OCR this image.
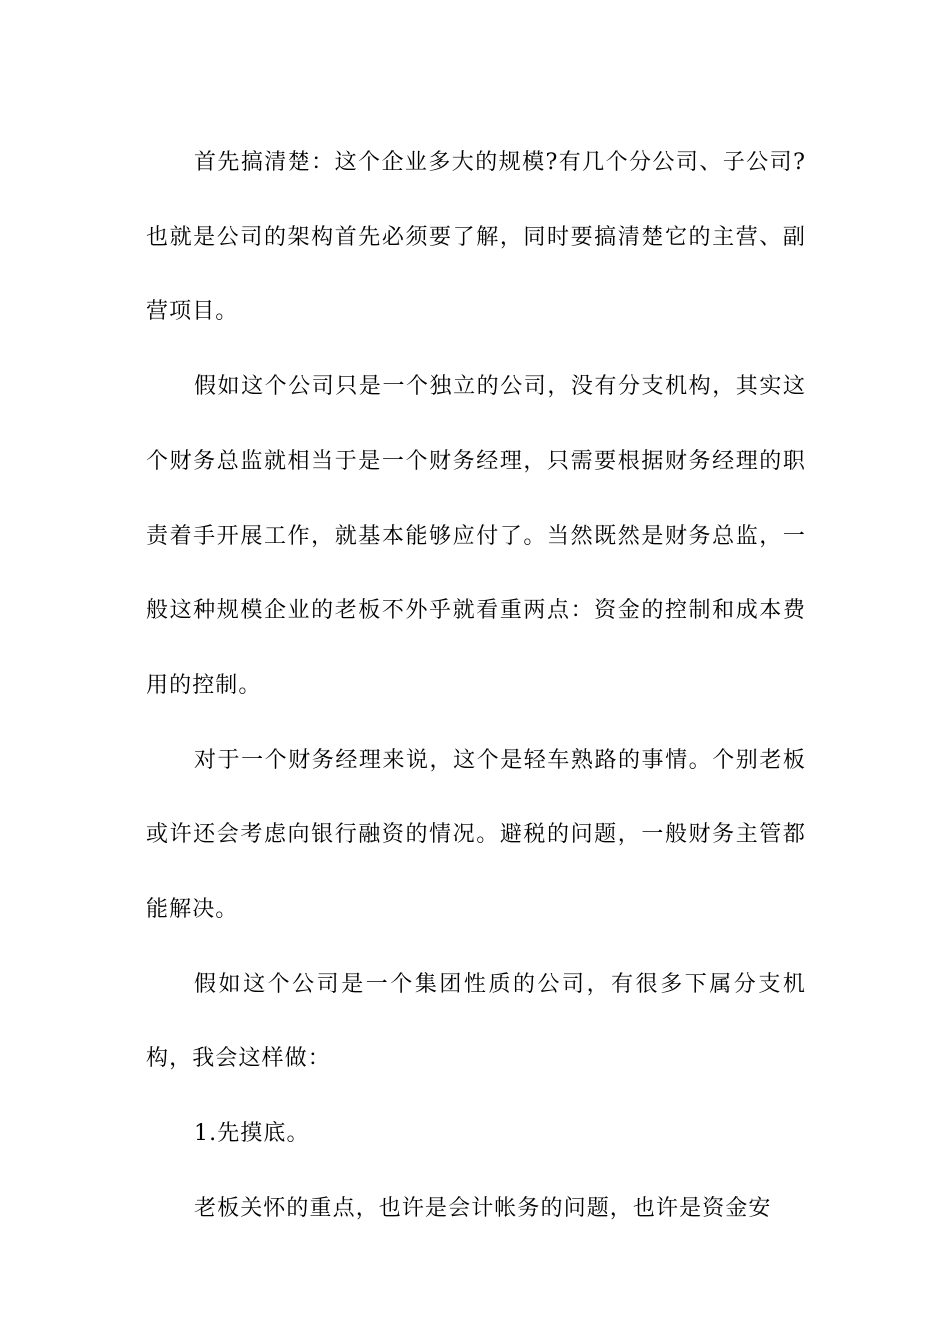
首先搞清楚：这个企业多大的规模?有几个分公司、子公司?也就是公司的架构首先必须要了解，同时要搞清楚它的主营、副营项目。

假如这个公司只是一个独立的公司，没有分支机构，其实这个财务总监就相当于是一个财务经理，只需要根据财务经理的职责着手开展工作，就基本能够应付了。当然既然是财务总监，一般这种规模企业的老板不外乎就看重两点：资金的控制和成本费用的控制。

对于一个财务经理来说，这个是轻车熟路的事情。个别老板或许还会考虑向银行融资的情况。避税的问题，一般财务主管都能解决。

假如这个公司是一个集团性质的公司，有很多下属分支机构，我会这样做：

1.先摸底。

老板关怀的重点，也许是会计帐务的问题，也许是资金安
